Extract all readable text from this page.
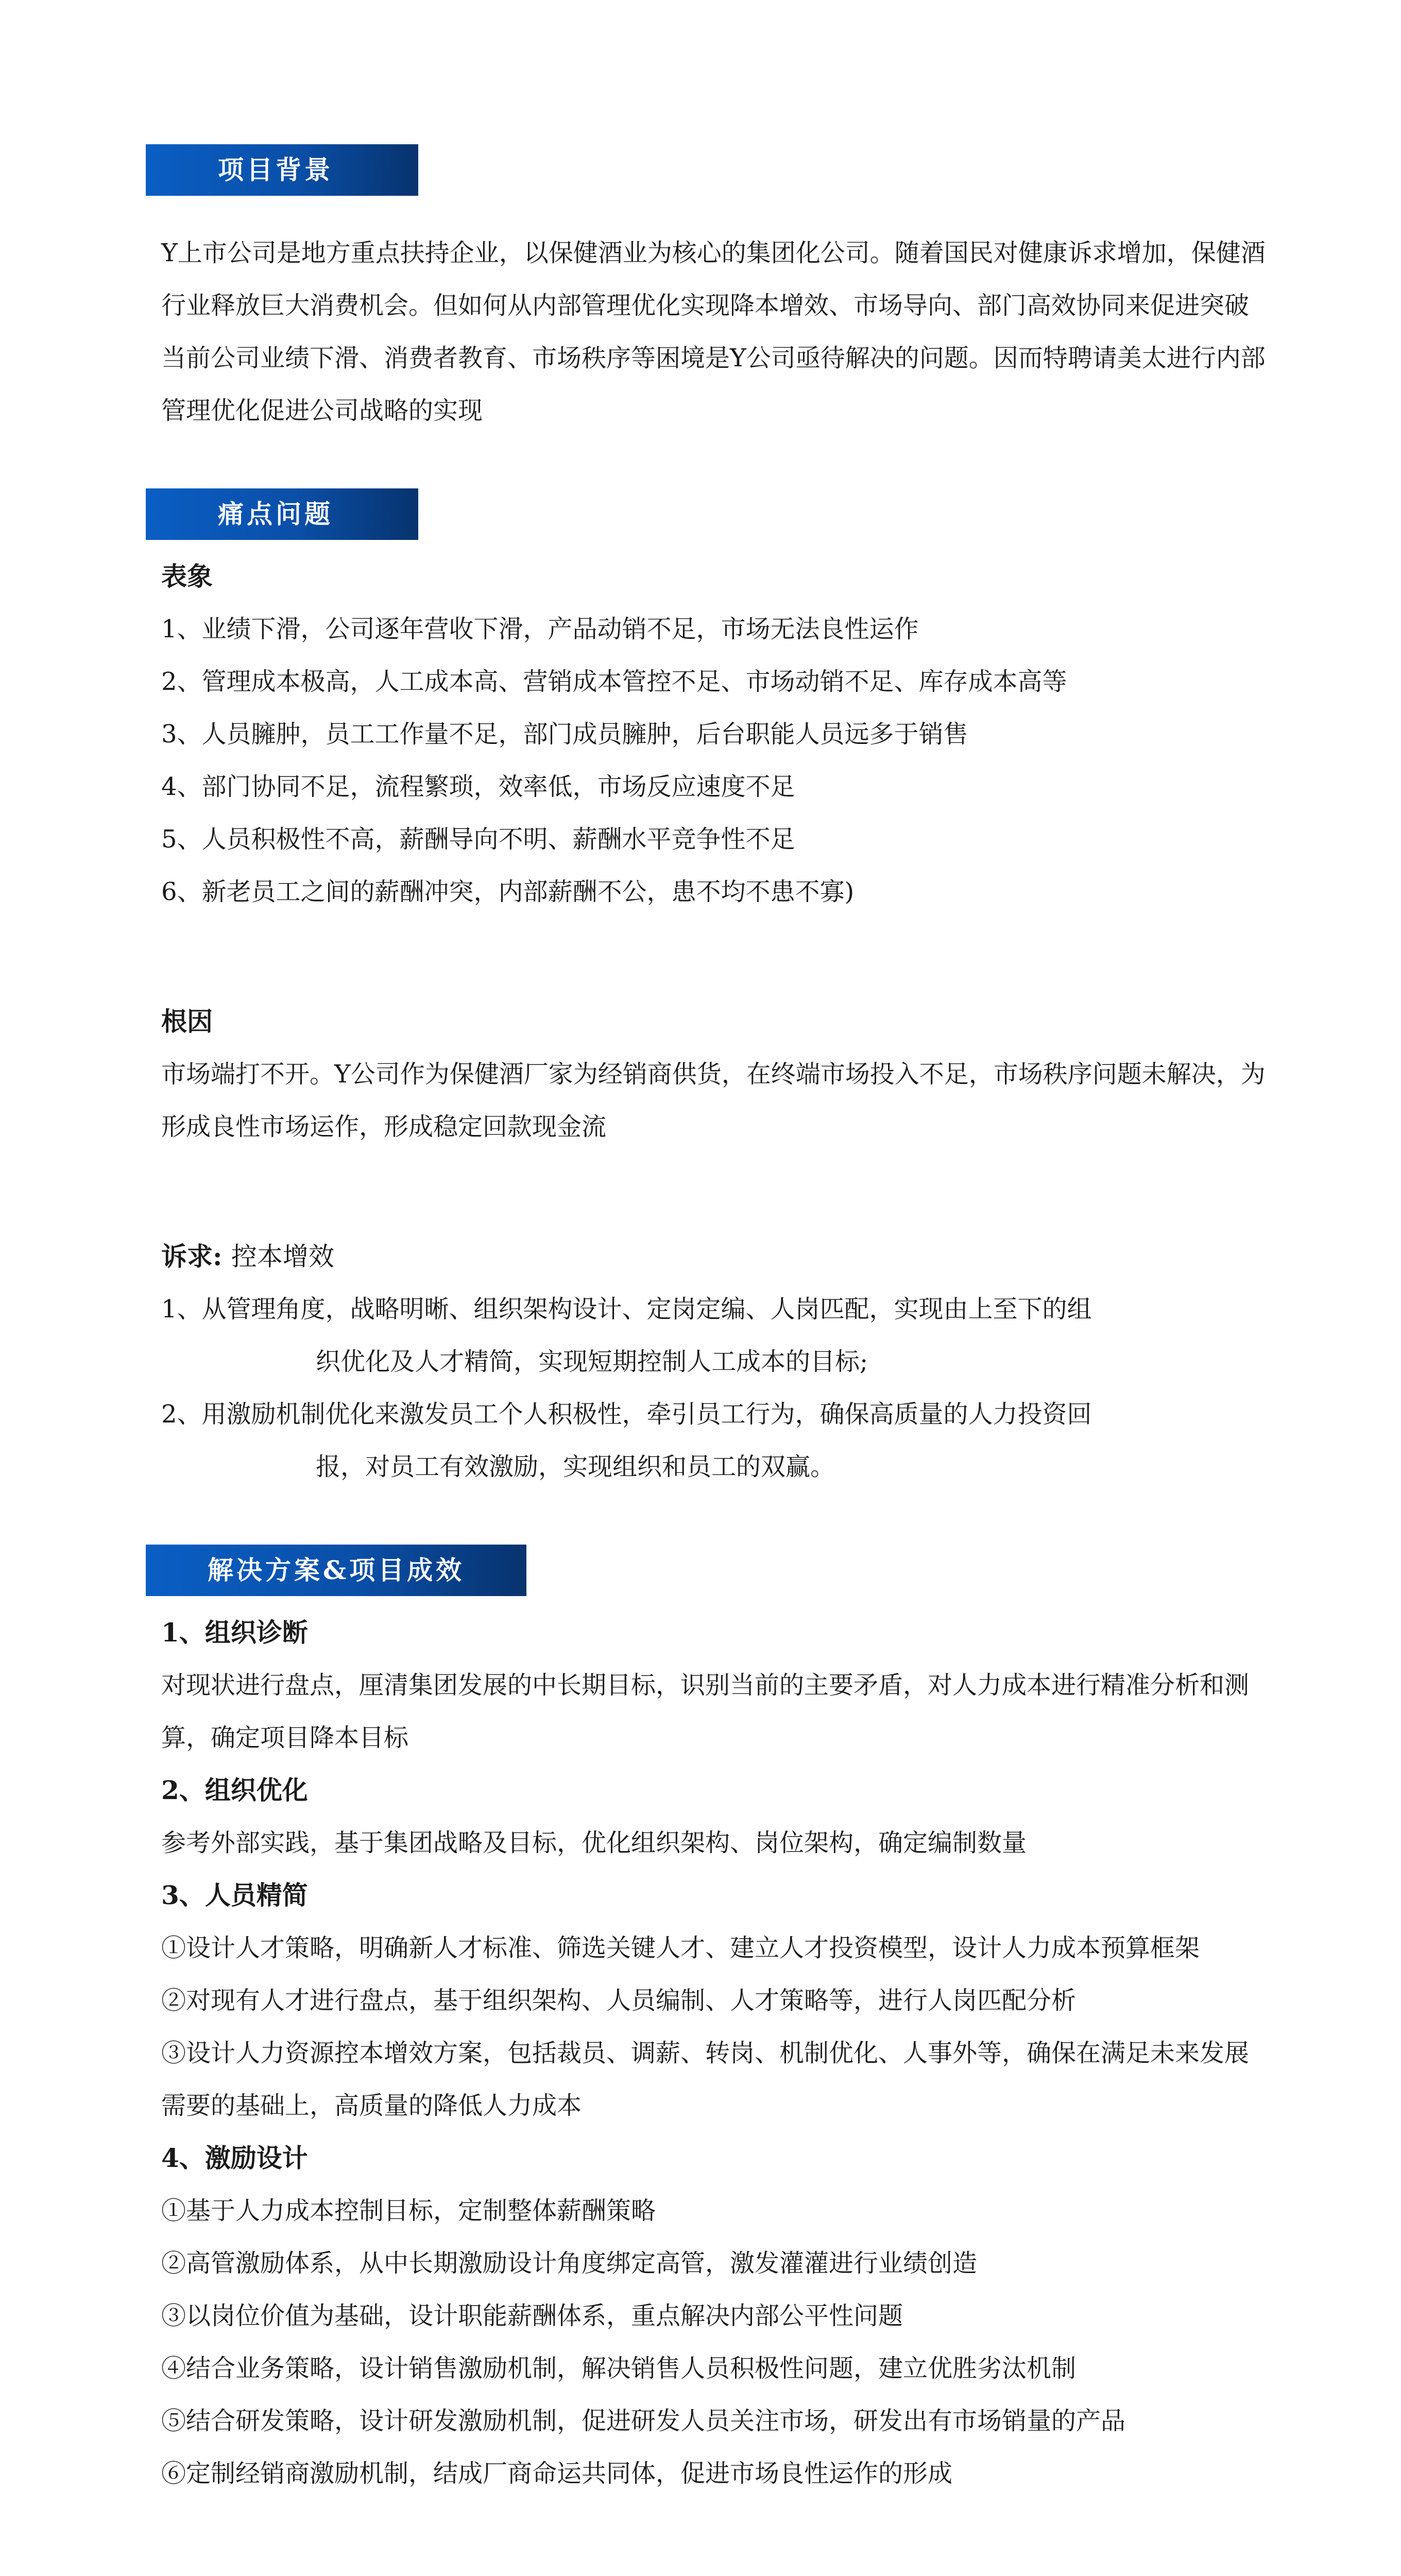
项目背景

Y上市公司是地方重点扶持企业，以保健酒业为核心的集团化公司。随着国民对健康诉求增加，保健酒行业释放巨大消费机会。但如何从内部管理优化实现降本增效、市场导向、部门高效协同来促进突破当前公司业绩下滑、消费者教育、市场秩序等困境是Y公司亟待解决的问题。因而特聘请美太进行内部管理优化促进公司战略的实现

痛点问题

表象

1、业绩下滑，公司逐年营收下滑，产品动销不足，市场无法良性运作

2、管理成本极高，人工成本高、营销成本管控不足、市场动销不足、库存成本高等

3、人员臃肿，员工工作量不足，部门成员臃肿，后台职能人员远多于销售

4、部门协同不足，流程繁琐，效率低，市场反应速度不足

5、人员积极性不高，薪酬导向不明、薪酬水平竞争性不足

6、新老员工之间的薪酬冲突，内部薪酬不公，患不均不患不寡)

根因

市场端打不开。Y公司作为保健酒厂家为经销商供货，在终端市场投入不足，市场秩序问题未解决，为形成良性市场运作，形成稳定回款现金流

诉求: 控本增效

1、从管理角度，战略明晰、组织架构设计、定岗定编、人岗匹配，实现由上至下的组
织优化及人才精简，实现短期控制人工成本的目标;

2、用激励机制优化来激发员工个人积极性，牵引员工行为，确保高质量的人力投资回
报，对员工有效激励，实现组织和员工的双赢。

解决方案&项目成效

1、组织诊断

对现状进行盘点，厘清集团发展的中长期目标，识别当前的主要矛盾，对人力成本进行精准分析和测算，确定项目降本目标

2、组织优化

参考外部实践，基于集团战略及目标，优化组织架构、岗位架构，确定编制数量

3、人员精简

①设计人才策略，明确新人才标准、筛选关键人才、建立人才投资模型，设计人力成本预算框架

②对现有人才进行盘点，基于组织架构、人员编制、人才策略等，进行人岗匹配分析

③设计人力资源控本增效方案，包括裁员、调薪、转岗、机制优化、人事外等，确保在满足未来发展需要的基础上，高质量的降低人力成本

4、激励设计

①基于人力成本控制目标，定制整体薪酬策略

②高管激励体系，从中长期激励设计角度绑定高管，激发灌灌进行业绩创造

③以岗位价值为基础，设计职能薪酬体系，重点解决内部公平性问题

④结合业务策略，设计销售激励机制，解决销售人员积极性问题，建立优胜劣汰机制

⑤结合研发策略，设计研发激励机制，促进研发人员关注市场，研发出有市场销量的产品

⑥定制经销商激励机制，结成厂商命运共同体，促进市场良性运作的形成
